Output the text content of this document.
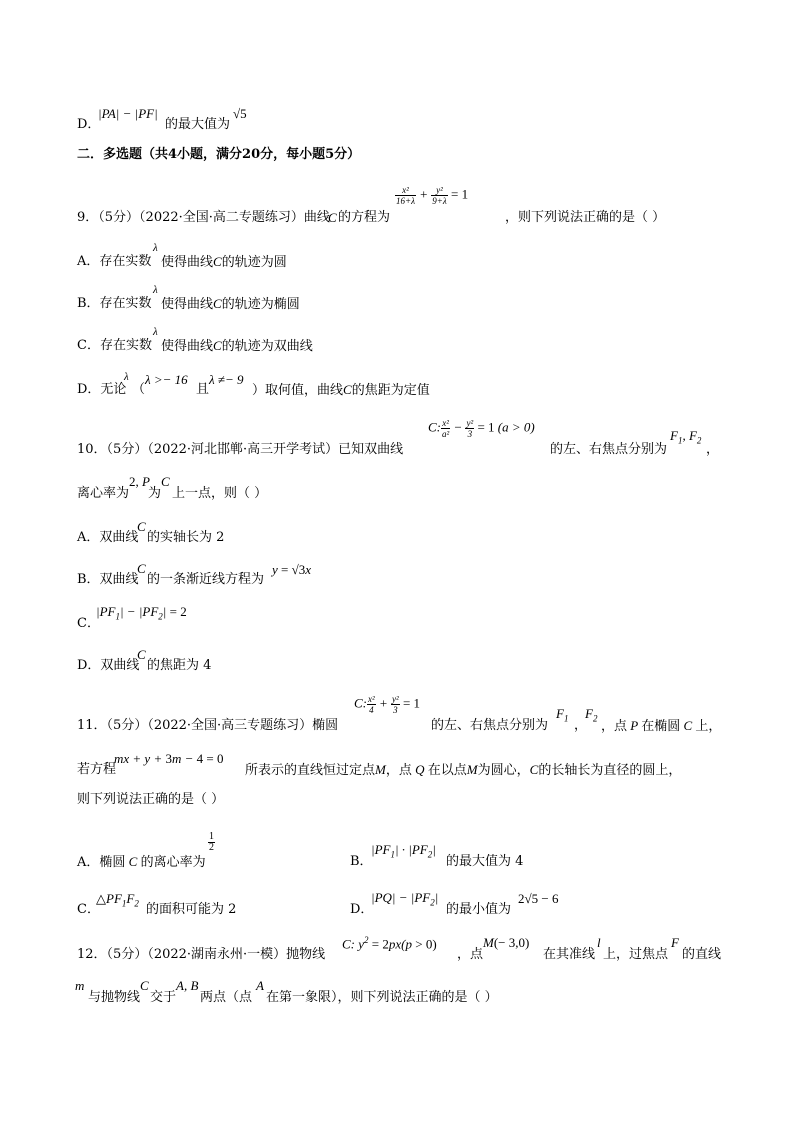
D．
|PA| − |PF|
的最大值为
√5
二．多选题（共4小题，满分20分，每小题5分）
9．（5分）（2022·全国·高二专题练习）曲线
C 的方程为
$\frac{\text{x²}}{16+\lambda} + \frac{\text{y²}}{9+\lambda} = 1$
，则下列说法正确的是（ ）
A．存在实数
λ
使得曲线C的轨迹为圆
B．存在实数
λ
使得曲线C的轨迹为椭圆
C．存在实数
λ
使得曲线C的轨迹为双曲线
D．无论
λ
（
λ >− 16
且
λ ≠− 9
）取何值，曲线C的焦距为定值
10．（5分）（2022·河北邯郸·高三开学考试）已知双曲线
C: $\frac{\text{x²}}{\text{a²}} - \frac{\text{y²}}{3} = 1$ (a > 0)
的左、右焦点分别为
$F_1$, $F_2$
，
离心率为
2, P
为
C
上一点，则（ ）
A．双曲线
C
的实轴长为 2
B．双曲线
C
的一条渐近线方程为
y = √3x
C．
$|PF_1| - |PF_2| = 2$
D．双曲线
C
的焦距为 4
11．（5分）（2022·全国·高三专题练习）椭圆
C: $\frac{\text{x²}}{4} + \frac{\text{y²}}{3} = 1$
的左、右焦点分别为
$F_1$ ，
$F_2$
，点 P 在椭圆 C 上，
若方程
mx + y + 3m − 4 = 0
所表示的直线恒过定点M，点 Q 在以点M为圆心，C的长轴长为直径的圆上，
则下列说法正确的是（ ）
A．椭圆 C 的离心率为
$\frac{1}{2}$
B．
$|PF_1| \cdot |PF_2|$
的最大值为 4
C．
$\triangle PF_1F_2$ 的面积可能为 2	D．
$|PQ| - |PF_2|$
的最小值为
2√5 − 6
12．（5分）（2022·湖南永州·一模）抛物线
C: $y^2 = 2px(p > 0)$
，点
M(− 3,0)
在其准线
l
上，过焦点
F
的直线
m
与抛物线
C
交于
A, B
两点（点
A
在第一象限），则下列说法正确的是（ ）
